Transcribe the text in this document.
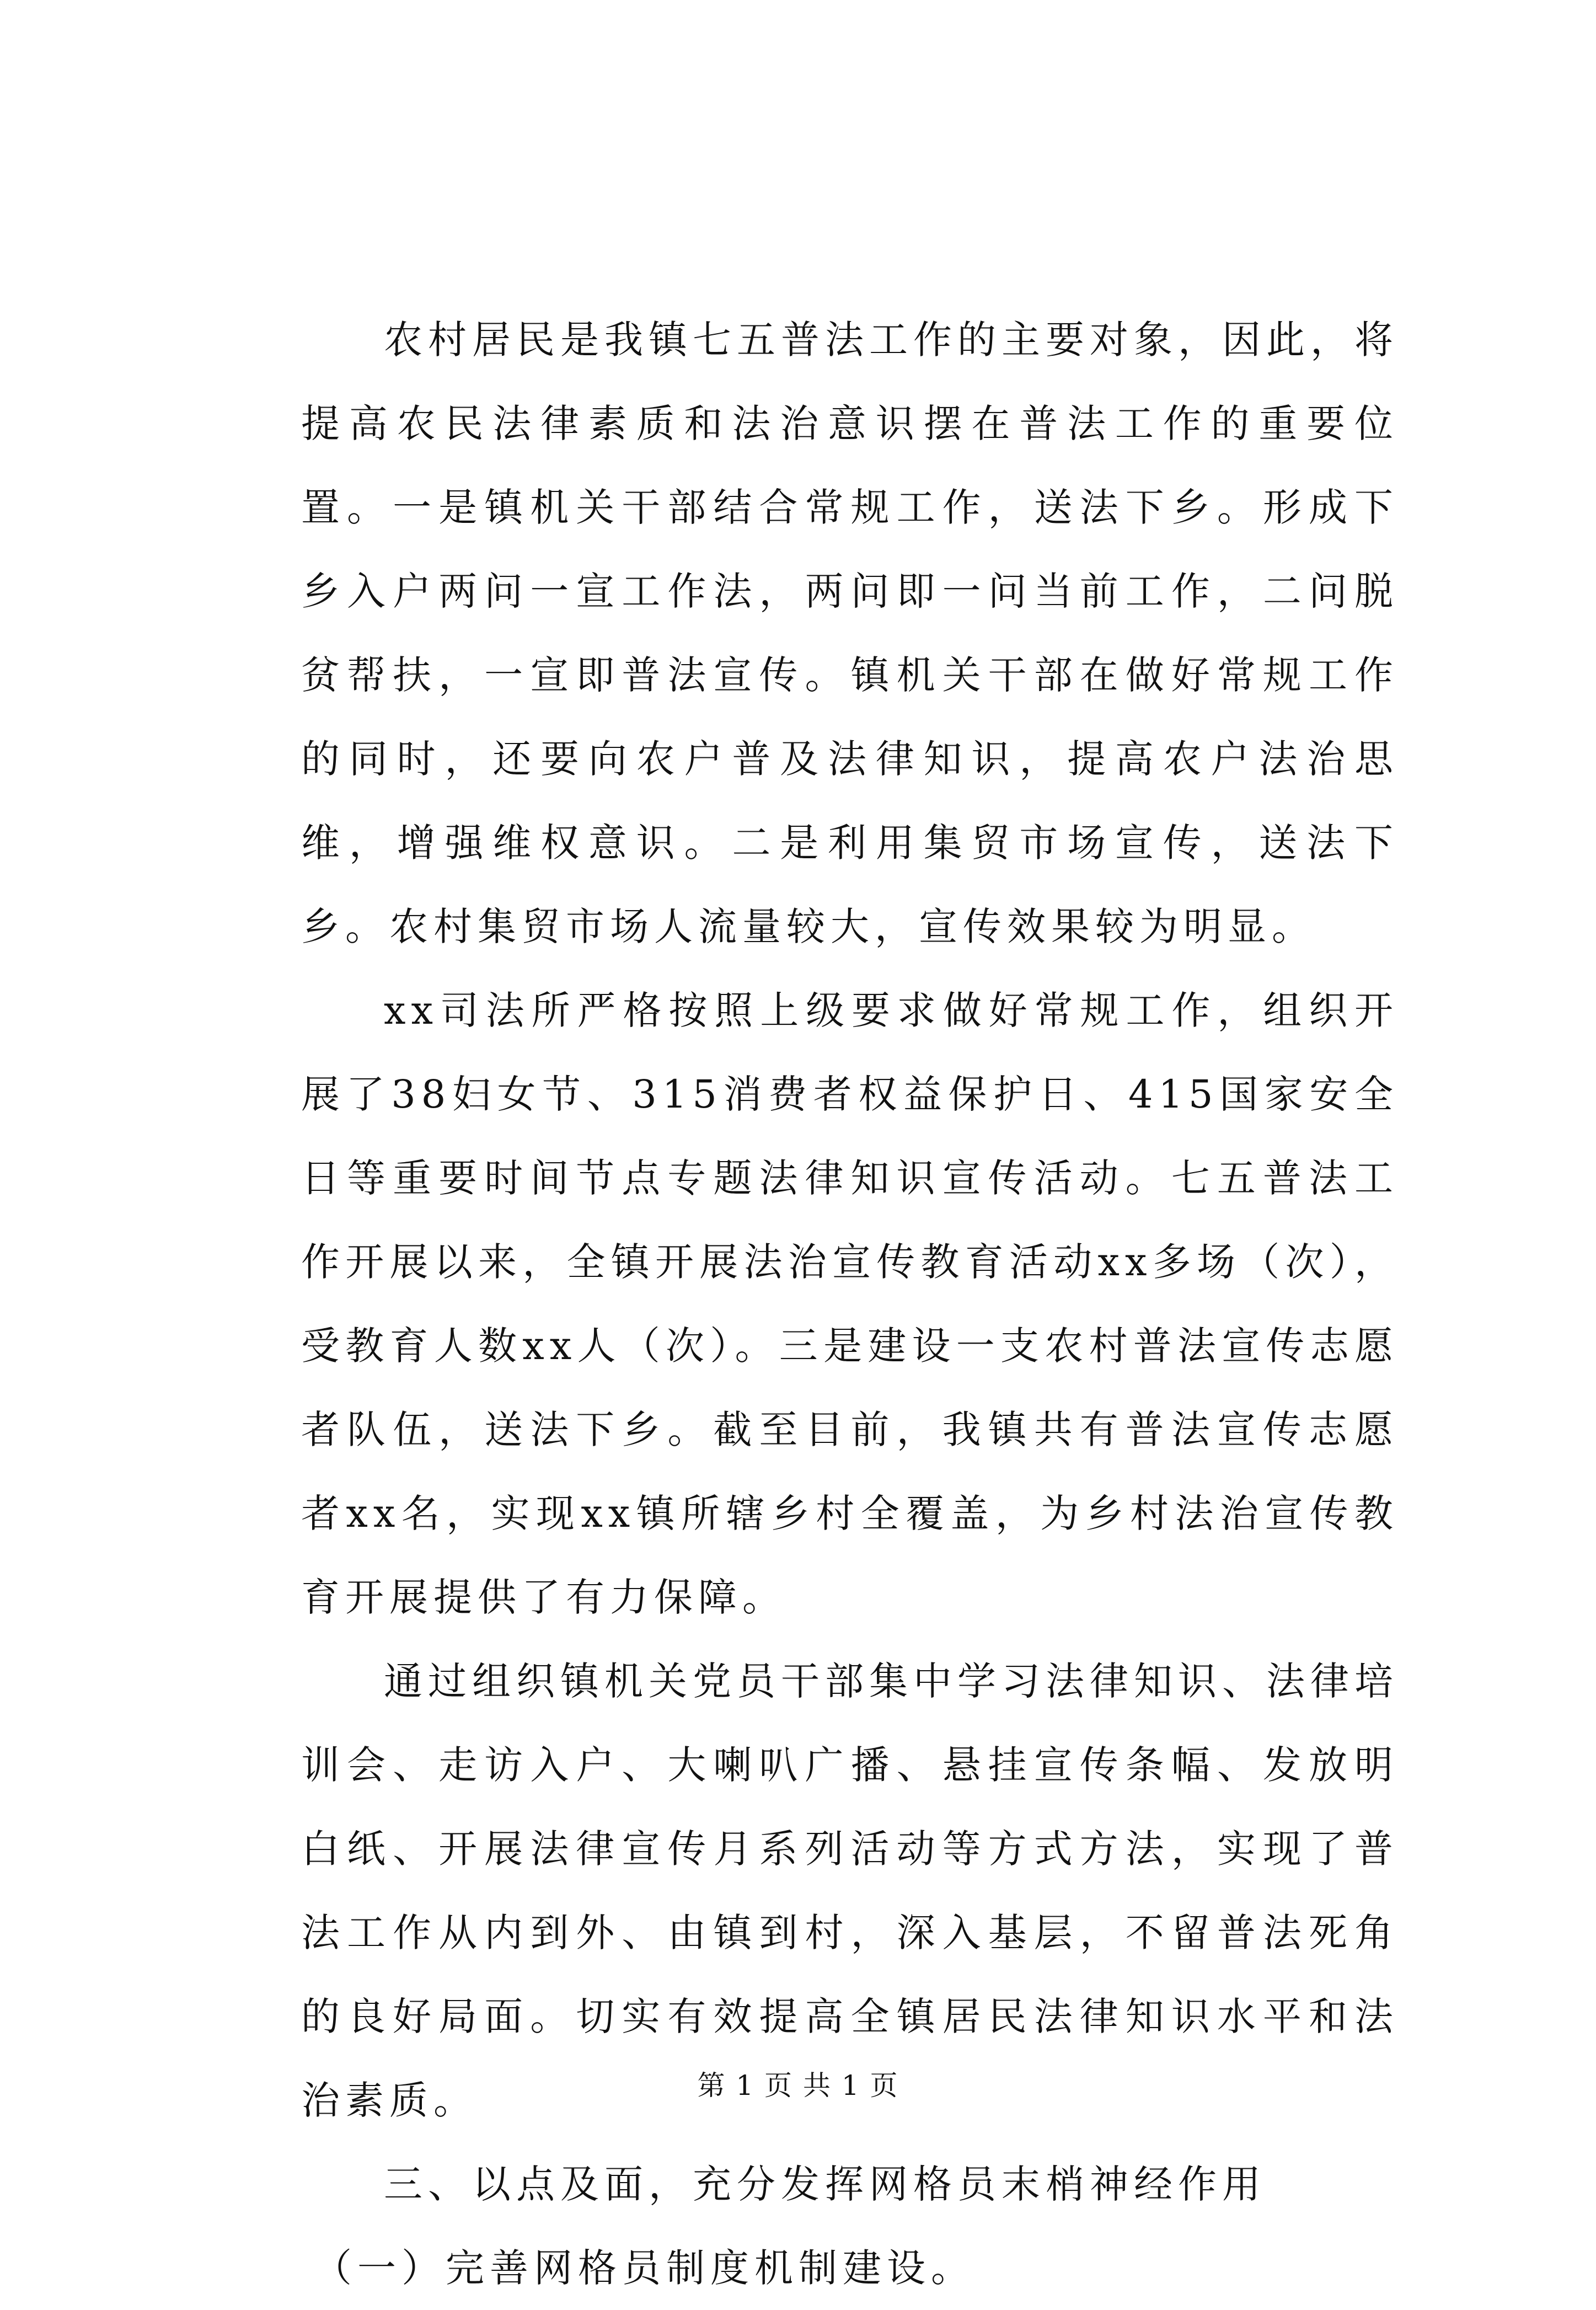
农村居民是我镇七五普法工作的主要对象，因此，将提高农民法律素质和法治意识摆在普法工作的重要位置。一是镇机关干部结合常规工作，送法下乡。形成下乡入户两问一宣工作法，两问即一问当前工作，二问脱贫帮扶，一宣即普法宣传。镇机关干部在做好常规工作的同时，还要向农户普及法律知识，提高农户法治思维，增强维权意识。二是利用集贸市场宣传，送法下乡。农村集贸市场人流量较大，宣传效果较为明显。

xx司法所严格按照上级要求做好常规工作，组织开展了38妇女节、315消费者权益保护日、415国家安全日等重要时间节点专题法律知识宣传活动。七五普法工作开展以来，全镇开展法治宣传教育活动xx多场（次），受教育人数xx人（次）。三是建设一支农村普法宣传志愿者队伍，送法下乡。截至目前，我镇共有普法宣传志愿者xx名，实现xx镇所辖乡村全覆盖，为乡村法治宣传教育开展提供了有力保障。

通过组织镇机关党员干部集中学习法律知识、法律培训会、走访入户、大喇叭广播、悬挂宣传条幅、发放明白纸、开展法律宣传月系列活动等方式方法，实现了普法工作从内到外、由镇到村，深入基层，不留普法死角的良好局面。切实有效提高全镇居民法律知识水平和法治素质。

三、以点及面，充分发挥网格员末梢神经作用

（一）完善网格员制度机制建设。

第 1 页 共 1 页
